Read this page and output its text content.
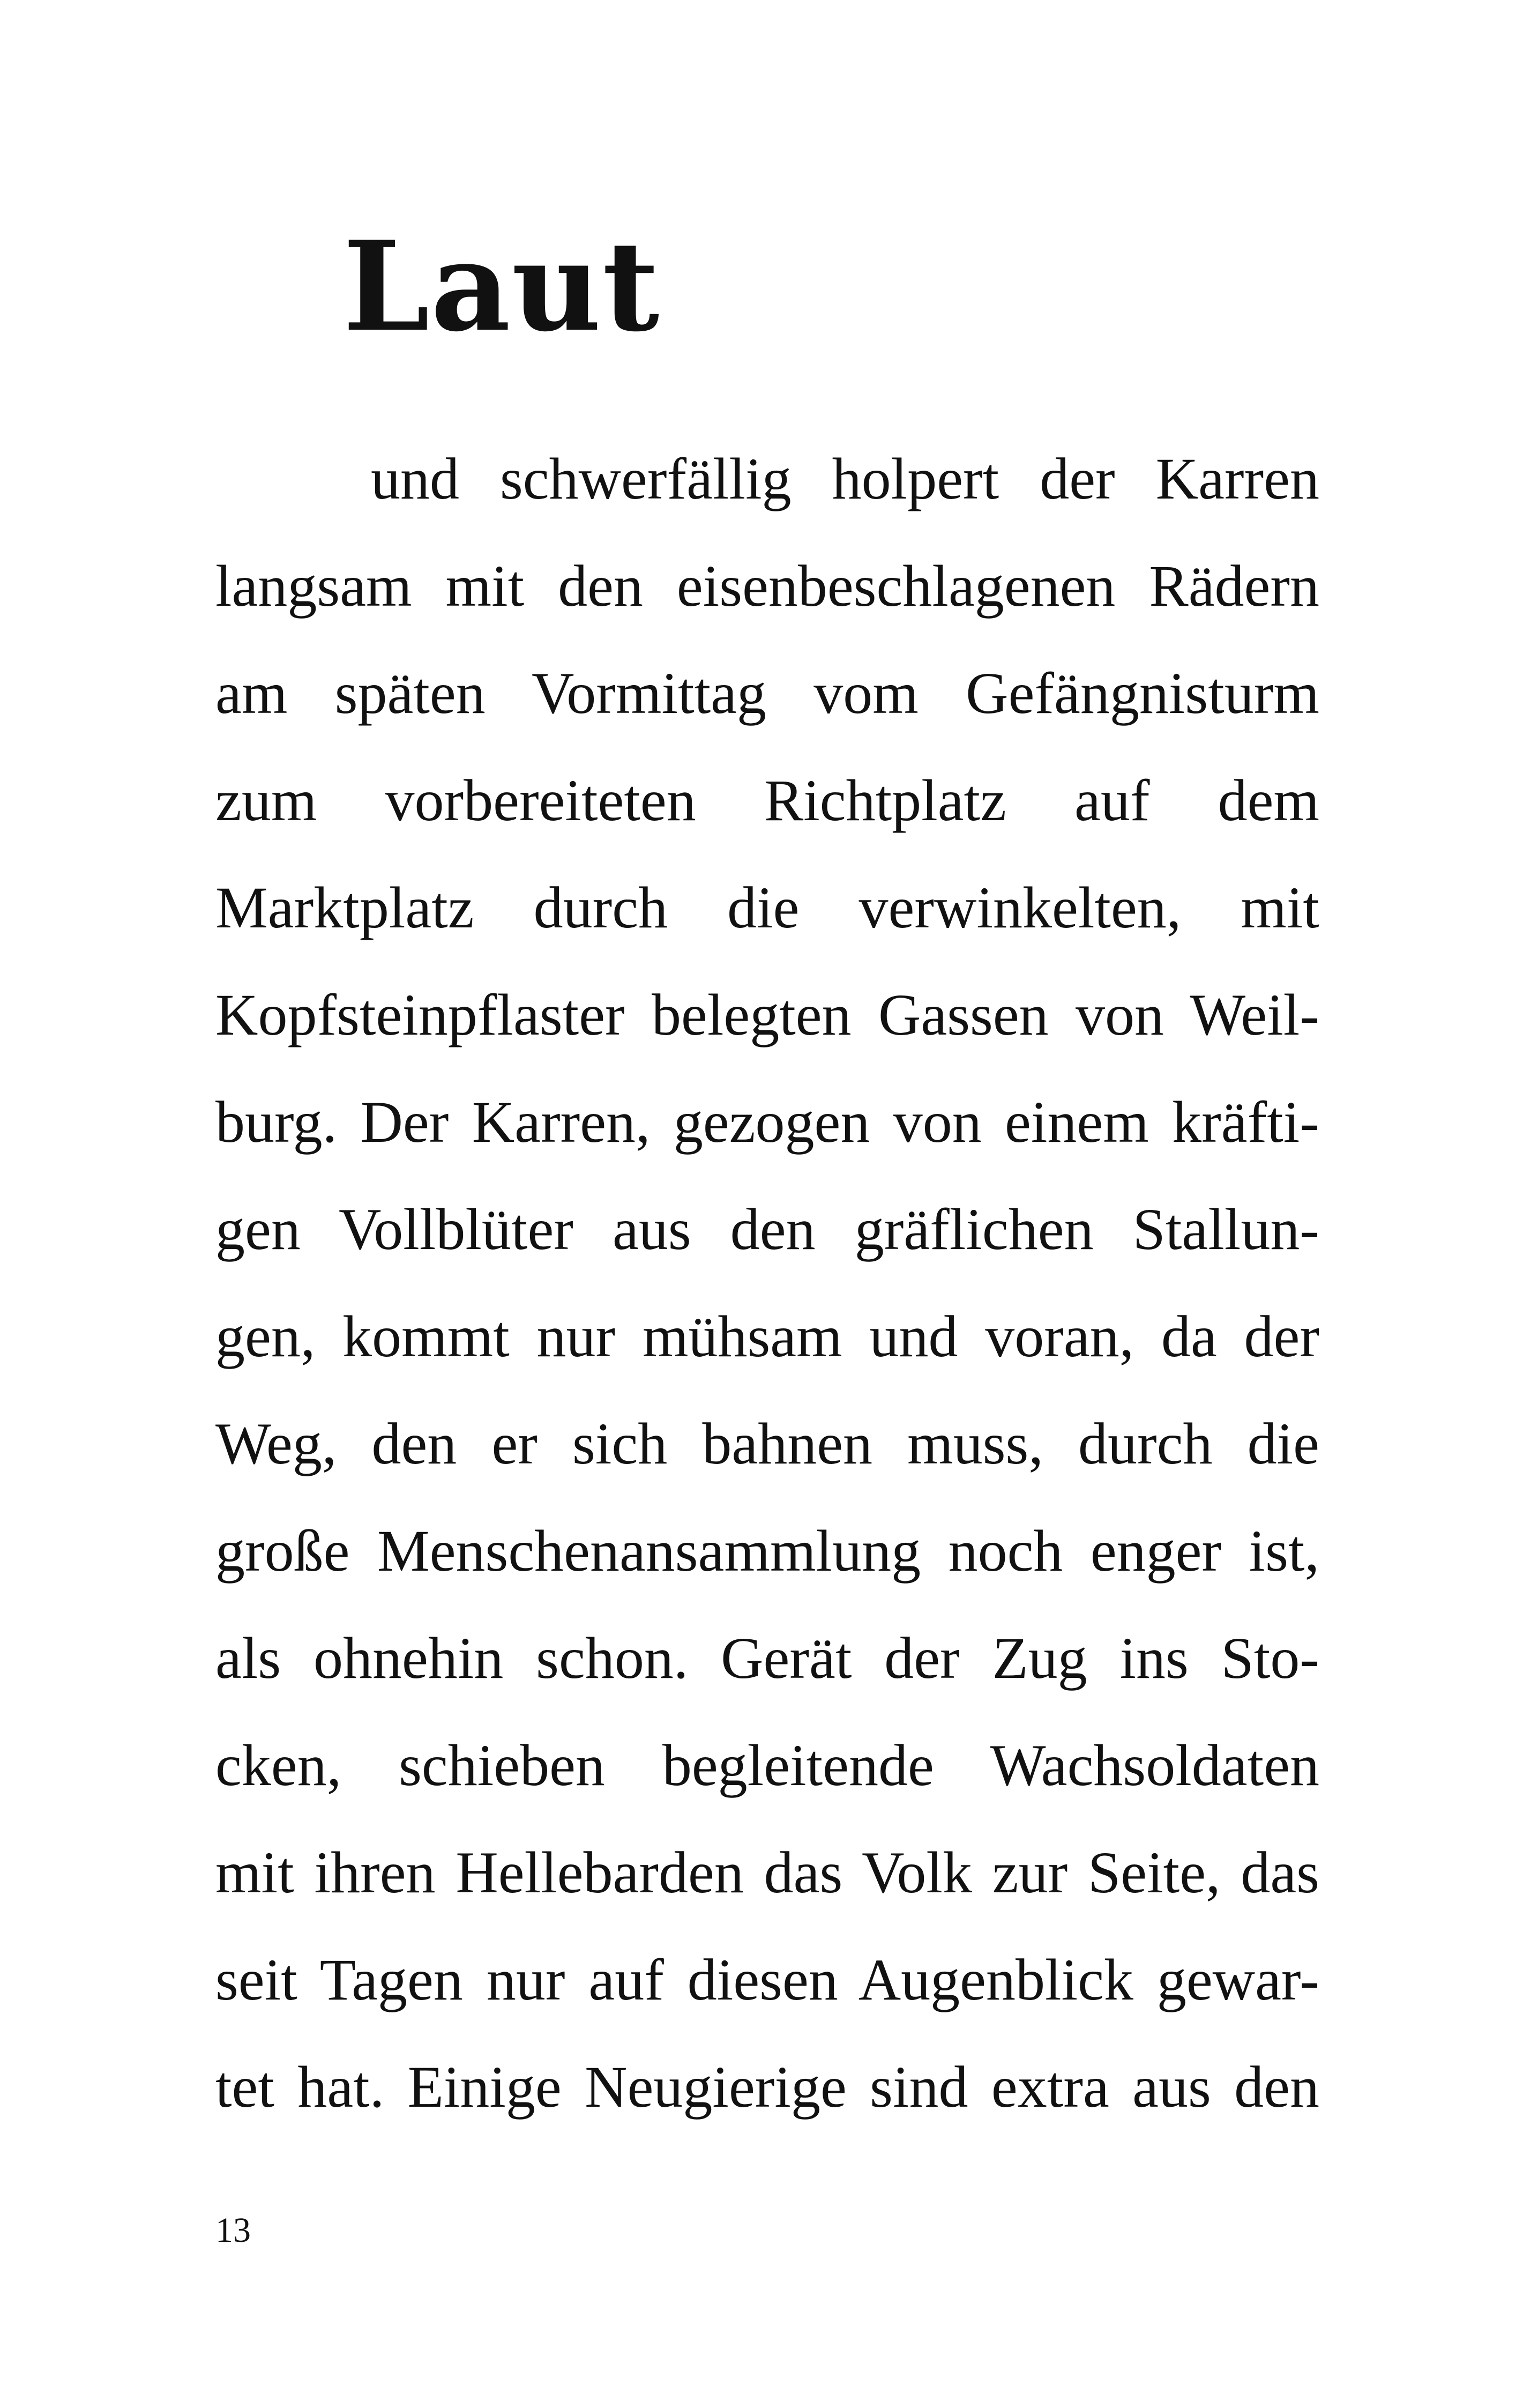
Laut
und schwerfällig holpert der Karren
langsam mit den eisenbeschlagenen Rädern
am späten Vormittag vom Gefängnisturm
zum vorbereiteten Richtplatz auf dem
Marktplatz durch die verwinkelten, mit
Kopfsteinpflaster belegten Gassen von Weil-
burg. Der Karren, gezogen von einem kräfti-
gen Vollblüter aus den gräflichen Stallun-
gen, kommt nur mühsam und voran, da der
Weg, den er sich bahnen muss, durch die
große Menschenansammlung noch enger ist,
als ohnehin schon. Gerät der Zug ins Sto-
cken, schieben begleitende Wachsoldaten
mit ihren Hellebarden das Volk zur Seite, das
seit Tagen nur auf diesen Augenblick gewar-
tet hat. Einige Neugierige sind extra aus den

13
